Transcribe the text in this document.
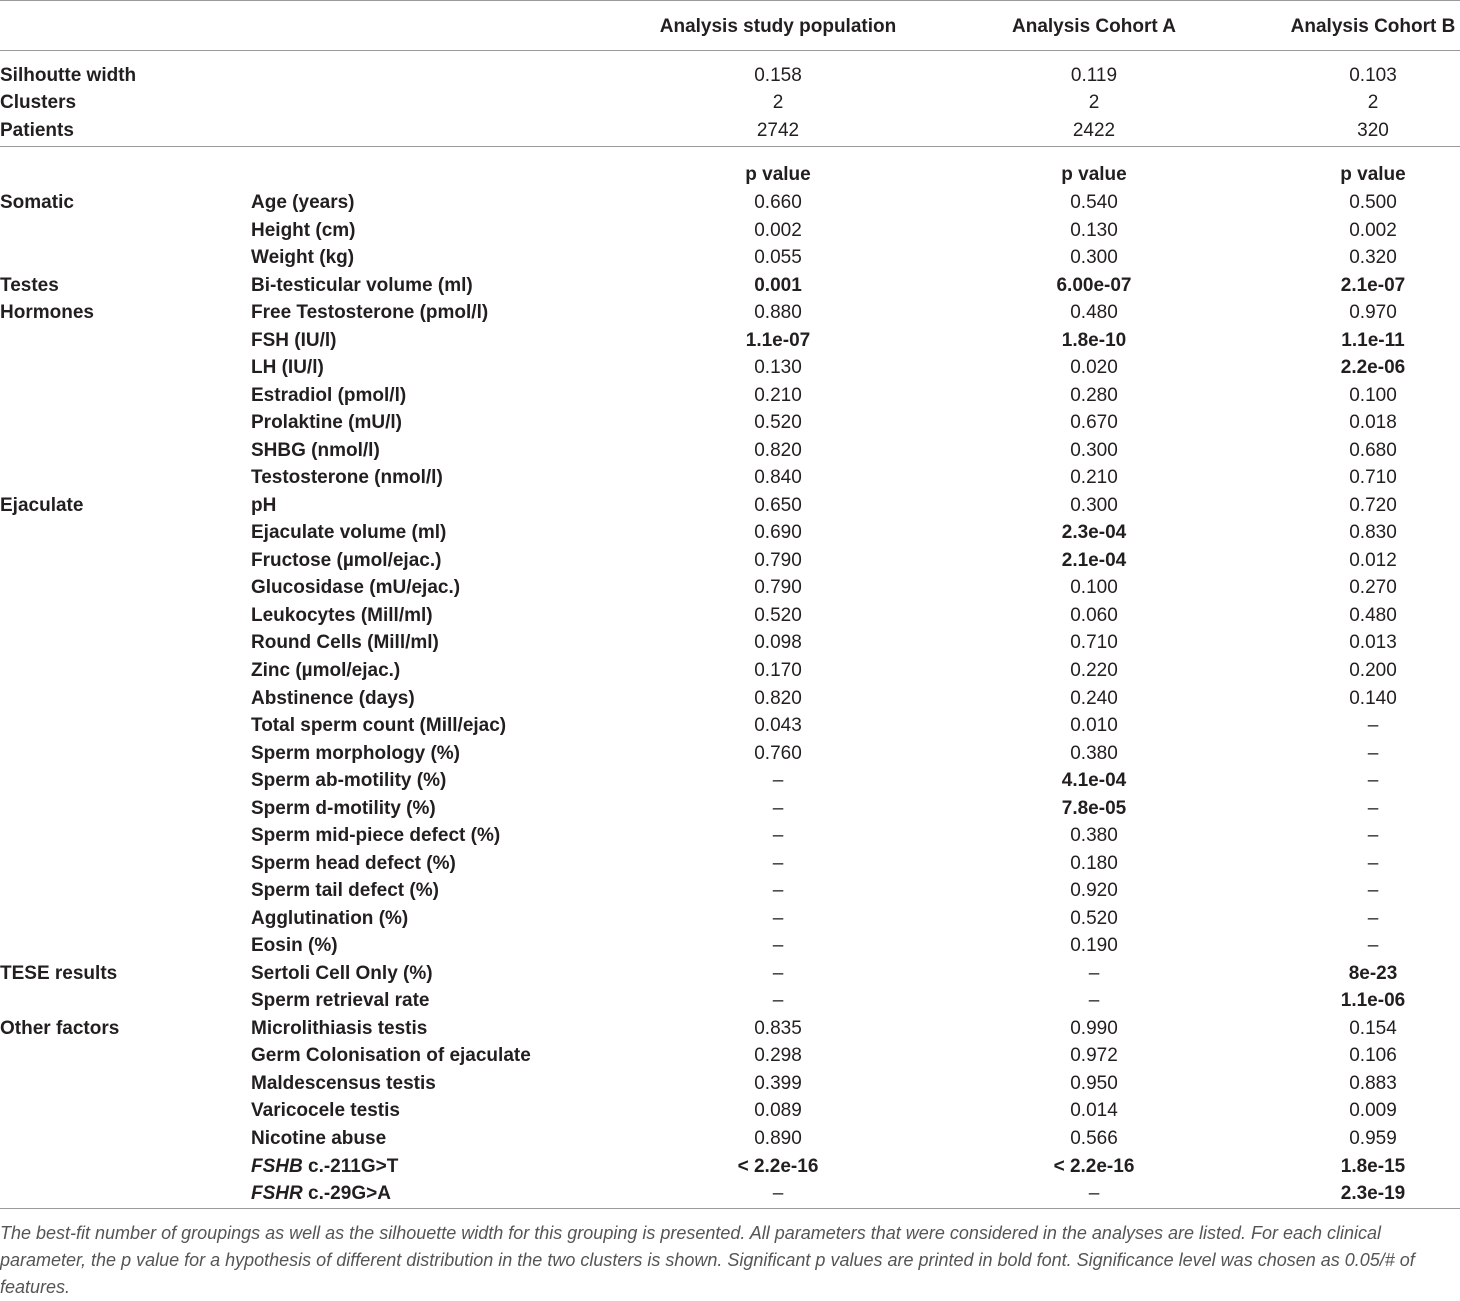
Analysis study population	Analysis Cohort A	Analysis Cohort B
Silhoutte width	0.158	0.119	0.103
Clusters	2	2	2
Patients	2742	2422	320
p value	p value	p value
Somatic	Age (years)	0.660	0.540	0.500
Height (cm)	0.002	0.130	0.002
Weight (kg)	0.055	0.300	0.320
Testes	Bi-testicular volume (ml)	0.001	6.00e-07	2.1e-07
Hormones	Free Testosterone (pmol/l)	0.880	0.480	0.970
FSH (IU/l)	1.1e-07	1.8e-10	1.1e-11
LH (IU/l)	0.130	0.020	2.2e-06
Estradiol (pmol/l)	0.210	0.280	0.100
Prolaktine (mU/l)	0.520	0.670	0.018
SHBG (nmol/l)	0.820	0.300	0.680
Testosterone (nmol/l)	0.840	0.210	0.710
Ejaculate	pH	0.650	0.300	0.720
Ejaculate volume (ml)	0.690	2.3e-04	0.830
Fructose (µmol/ejac.)	0.790	2.1e-04	0.012
Glucosidase (mU/ejac.)	0.790	0.100	0.270
Leukocytes (Mill/ml)	0.520	0.060	0.480
Round Cells (Mill/ml)	0.098	0.710	0.013
Zinc (µmol/ejac.)	0.170	0.220	0.200
Abstinence (days)	0.820	0.240	0.140
Total sperm count (Mill/ejac)	0.043	0.010	–
Sperm morphology (%)	0.760	0.380	–
Sperm ab-motility (%)	–	4.1e-04	–
Sperm d-motility (%)	–	7.8e-05	–
Sperm mid-piece defect (%)	–	0.380	–
Sperm head defect (%)	–	0.180	–
Sperm tail defect (%)	–	0.920	–
Agglutination (%)	–	0.520	–
Eosin (%)	–	0.190	–
TESE results	Sertoli Cell Only (%)	–	–	8e-23
Sperm retrieval rate	–	–	1.1e-06
Other factors	Microlithiasis testis	0.835	0.990	0.154
Germ Colonisation of ejaculate	0.298	0.972	0.106
Maldescensus testis	0.399	0.950	0.883
Varicocele testis	0.089	0.014	0.009
Nicotine abuse	0.890	0.566	0.959
FSHB c.-211G>T	< 2.2e-16	< 2.2e-16	1.8e-15
FSHR c.-29G>A	–	–	2.3e-19
The best-fit number of groupings as well as the silhouette width for this grouping is presented. All parameters that were considered in the analyses are listed. For each clinical parameter, the p value for a hypothesis of different distribution in the two clusters is shown. Significant p values are printed in bold font. Significance level was chosen as 0.05/# of features.
